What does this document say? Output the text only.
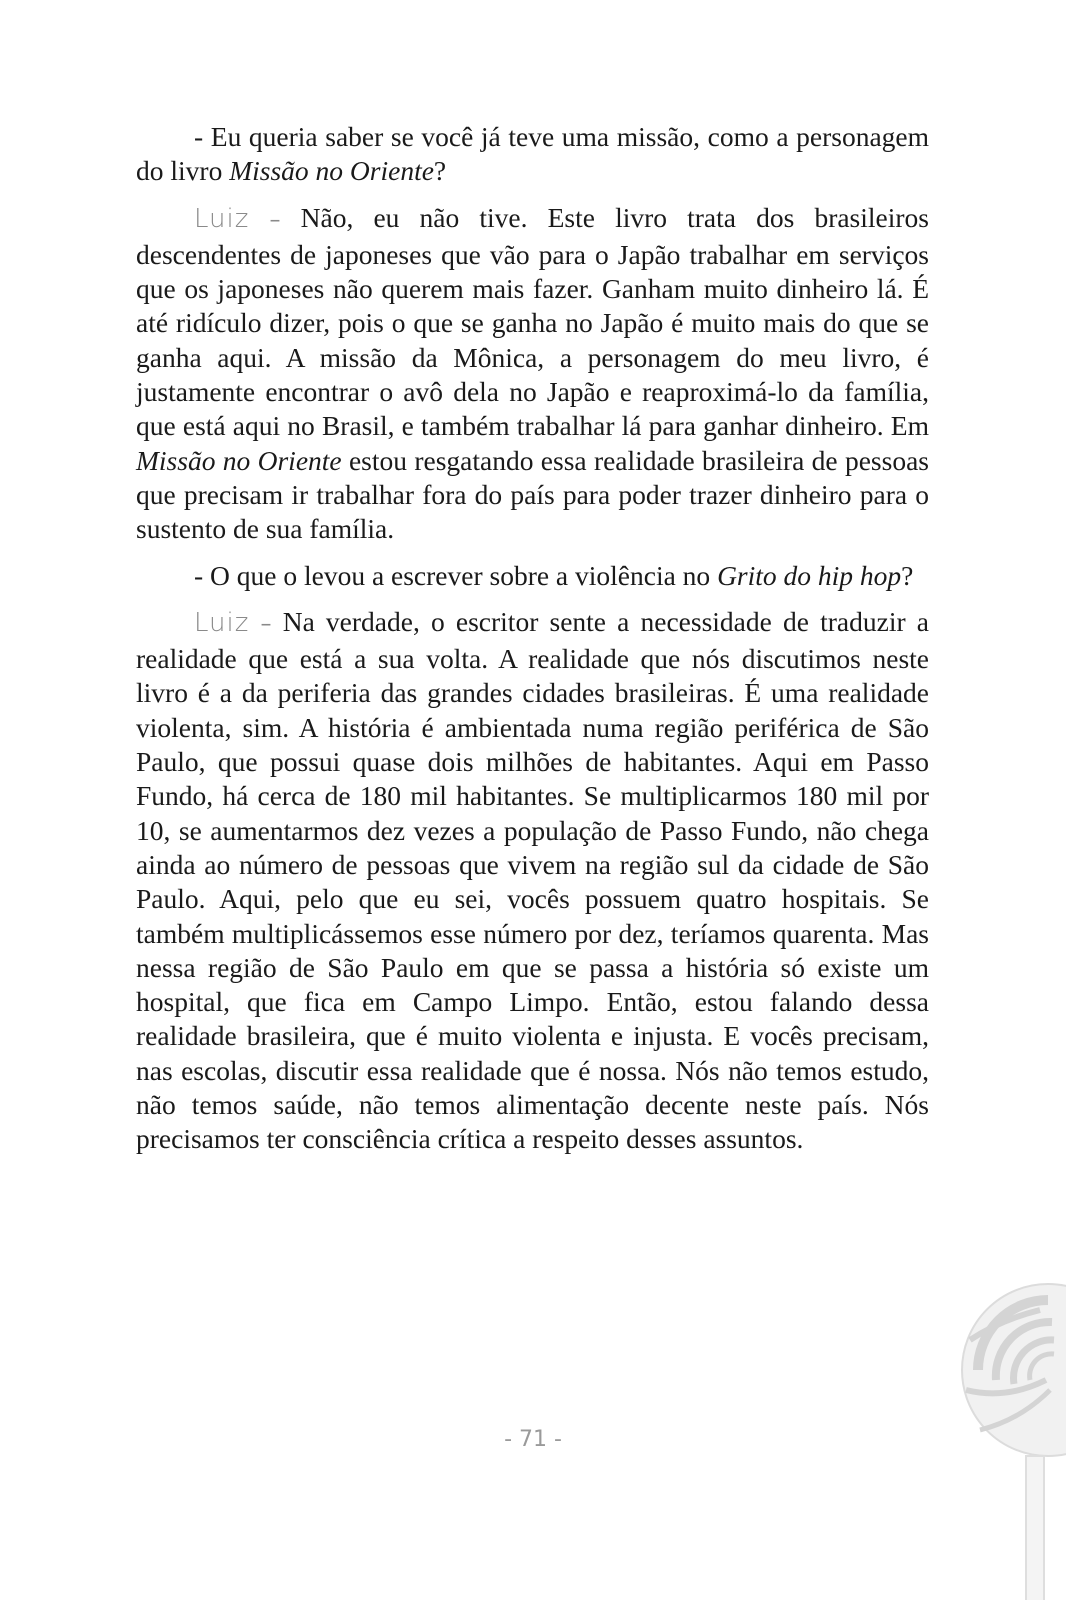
- Eu queria saber se você já teve uma missão, como a personagem do livro Missão no Oriente?

Luiz – Não, eu não tive. Este livro trata dos brasileiros descendentes de japoneses que vão para o Japão trabalhar em serviços que os japoneses não querem mais fazer. Ganham muito dinheiro lá. É até ridículo dizer, pois o que se ganha no Japão é muito mais do que se ganha aqui. A missão da Mônica, a personagem do meu livro, é justamente encontrar o avô dela no Japão e reaproximá-lo da família, que está aqui no Brasil, e também trabalhar lá para ganhar dinheiro. Em Missão no Oriente estou resgatando essa realidade brasileira de pessoas que precisam ir trabalhar fora do país para poder trazer dinheiro para o sustento de sua família.

- O que o levou a escrever sobre a violência no Grito do hip hop?

Luiz – Na verdade, o escritor sente a necessidade de traduzir a realidade que está a sua volta. A realidade que nós discutimos neste livro é a da periferia das grandes cidades brasileiras. É uma realidade violenta, sim. A história é ambientada numa região periférica de São Paulo, que possui quase dois milhões de habitantes. Aqui em Passo Fundo, há cerca de 180 mil habitantes. Se multiplicarmos 180 mil por 10, se aumentarmos dez vezes a população de Passo Fundo, não chega ainda ao número de pessoas que vivem na região sul da cidade de São Paulo. Aqui, pelo que eu sei, vocês possuem quatro hospitais. Se também multiplicássemos esse número por dez, teríamos quarenta. Mas nessa região de São Paulo em que se passa a história só existe um hospital, que fica em Campo Limpo. Então, estou falando dessa realidade brasileira, que é muito violenta e injusta. E vocês precisam, nas escolas, discutir essa realidade que é nossa. Nós não temos estudo, não temos saúde, não temos alimentação decente neste país. Nós precisamos ter consciência crítica a respeito desses assuntos.

- 71 -
